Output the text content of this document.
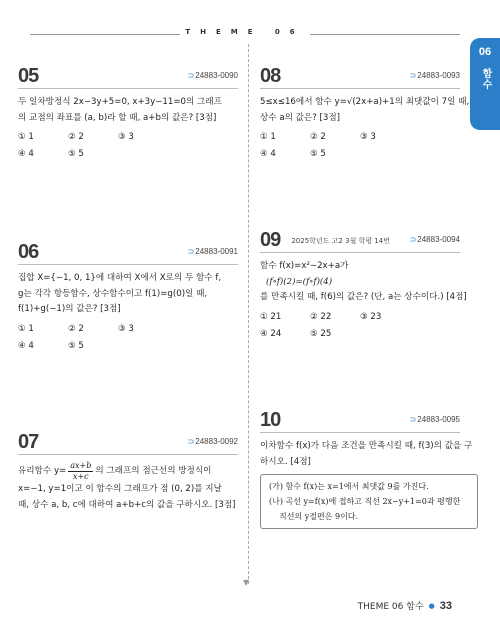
THEME 06
06
함수
▼
05	⊃24883-0090
두 일차방정식 2x−3y+5=0, x+3y−11=0의 그래프
의 교점의 좌표를 (a, b)라 할 때, a+b의 값은? [3점]
① 1	② 2	③ 3
④ 4	⑤ 5
06	⊃24883-0091
집합 X={−1, 0, 1}에 대하여 X에서 X로의 두 함수 f,
g는 각각 항등함수, 상수함수이고 f(1)=g(0)일 때,
f(1)+g(−1)의 값은? [3점]
① 1	② 2	③ 3
④ 4	⑤ 5
07	⊃24883-0092
유리함수 $y= \frac{ax+b}{x+c}$ 의 그래프의 점근선의 방정식이
x=−1, y=1이고 이 함수의 그래프가 점 (0, 2)를 지날
때, 상수 a, b, c에 대하여 a+b+c의 값을 구하시오. [3점]
08	⊃24883-0093
5≤x≤16에서 함수 y=√(2x+a)+1의 최댓값이 7일 때,
상수 a의 값은? [3점]
① 1	② 2	③ 3
④ 4	⑤ 5
09 2025학년도 고2 3월 학평 14번 ⊃24883-0094
함수 f(x)=x²−2x+a가
(f∘f)(2)=(f∘f)(4)
를 만족시킬 때, f(6)의 값은? (단, a는 상수이다.) [4점]
① 21	② 22	③ 23
④ 24	⑤ 25
10	⊃24883-0095
이차함수 f(x)가 다음 조건을 만족시킬 때, f(3)의 값을 구
하시오. [4점]
(가) 함수 f(x)는 x=1에서 최댓값 9를 가진다.
(나) 곡선 y=f(x)에 접하고 직선 2x−y+1=0과 평행한
직선의 y절편은 9이다.
THEME 06 함수 ● 33
